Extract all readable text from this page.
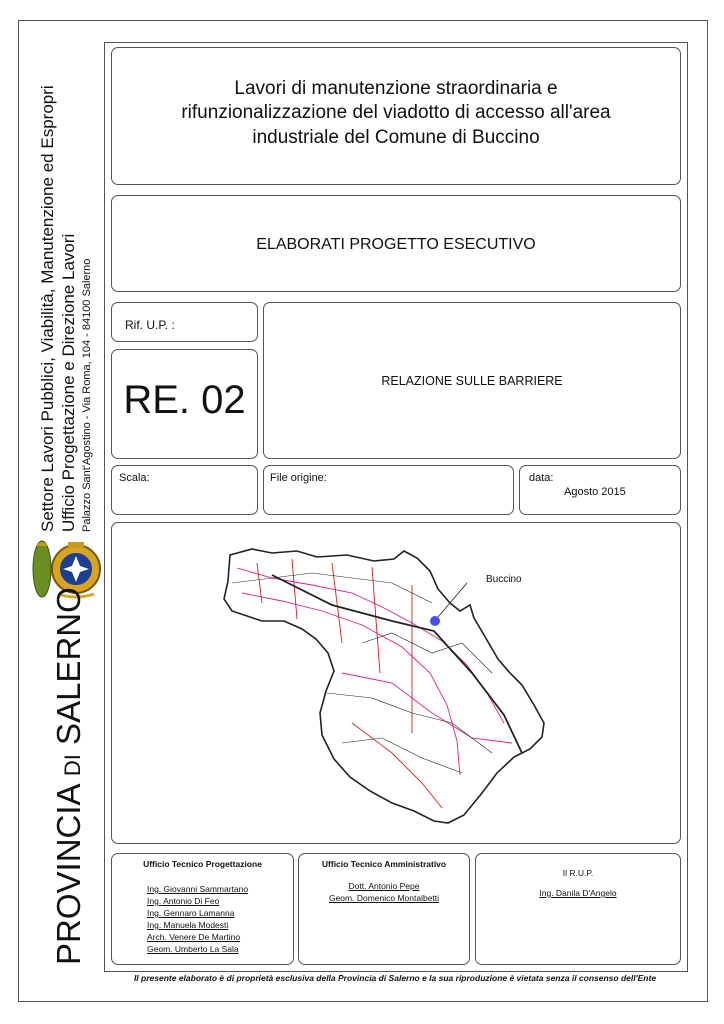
Settore Lavori Pubblici, Viabilità, Manutenzione ed Espropri Ufficio Progettazione e Direzione Lavori Palazzo Sant'Agostino - Via Roma, 104 - 84100 Salerno
PROVINCIA DI SALERNO
Lavori di manutenzione straordinaria e
rifunzionalizzazione del viadotto di accesso all'area
industriale del Comune di Buccino
ELABORATI PROGETTO ESECUTIVO
Rif. U.P. :
RE. 02	RELAZIONE SULLE BARRIERE
Scala:	File origine:	data:
Agosto 2015
Buccino
Ufficio Tecnico Progettazione
Ing. Giovanni Sammartano
Ing. Antonio Di Feo
Ing. Gennaro Lamanna
Ing. Manuela Modesti
Arch. Venere De Martino
Geom. Umberto La Sala
Ufficio Tecnico Amministrativo
Dott. Antonio Pepe
Geom. Domenico Montalbetti
Il R.U.P.
Ing. Danila D'Angelo
Il presente elaborato è di proprietà esclusiva della Provincia di Salerno e la sua riproduzione è vietata senza il consenso dell'Ente
